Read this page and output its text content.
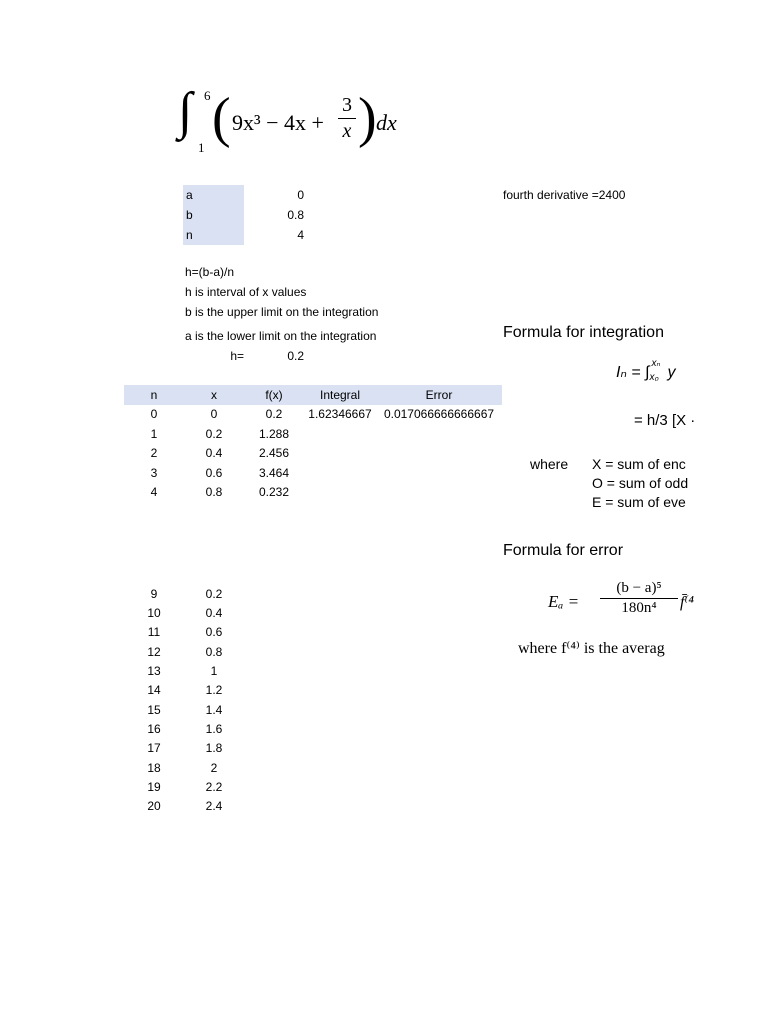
∫ 6
1 ( 9x³ − 4x +
3
x ) dx
a	0
b	0.8
n	4
fourth derivative =2400
h=(b-a)/n
h is interval of x values
b is the upper limit on the integration
a is the lower limit on the integration
h=	0.2
n	x	f(x)	Integral	Error
0	0	0.2	1.62346667	0.017066666666667
1	0.2	1.288
2	0.4	2.456
3	0.6	3.464
4	0.8	0.232
9	0.2
10	0.4
11	0.6
12	0.8
13	1
14	1.2
15	1.4
16	1.6
17	1.8
18	2
19	2.2
20	2.4
Formula for integration
Iₙ = ∫
xₙ
x₀ y
= h/3 [X ·
where X = sum of enc
O = sum of odd
E = sum of eve
Formula for error
Eₐ =
(b − a)⁵
180n⁴	f̄⁽⁴
where f⁽⁴⁾ is the averag
